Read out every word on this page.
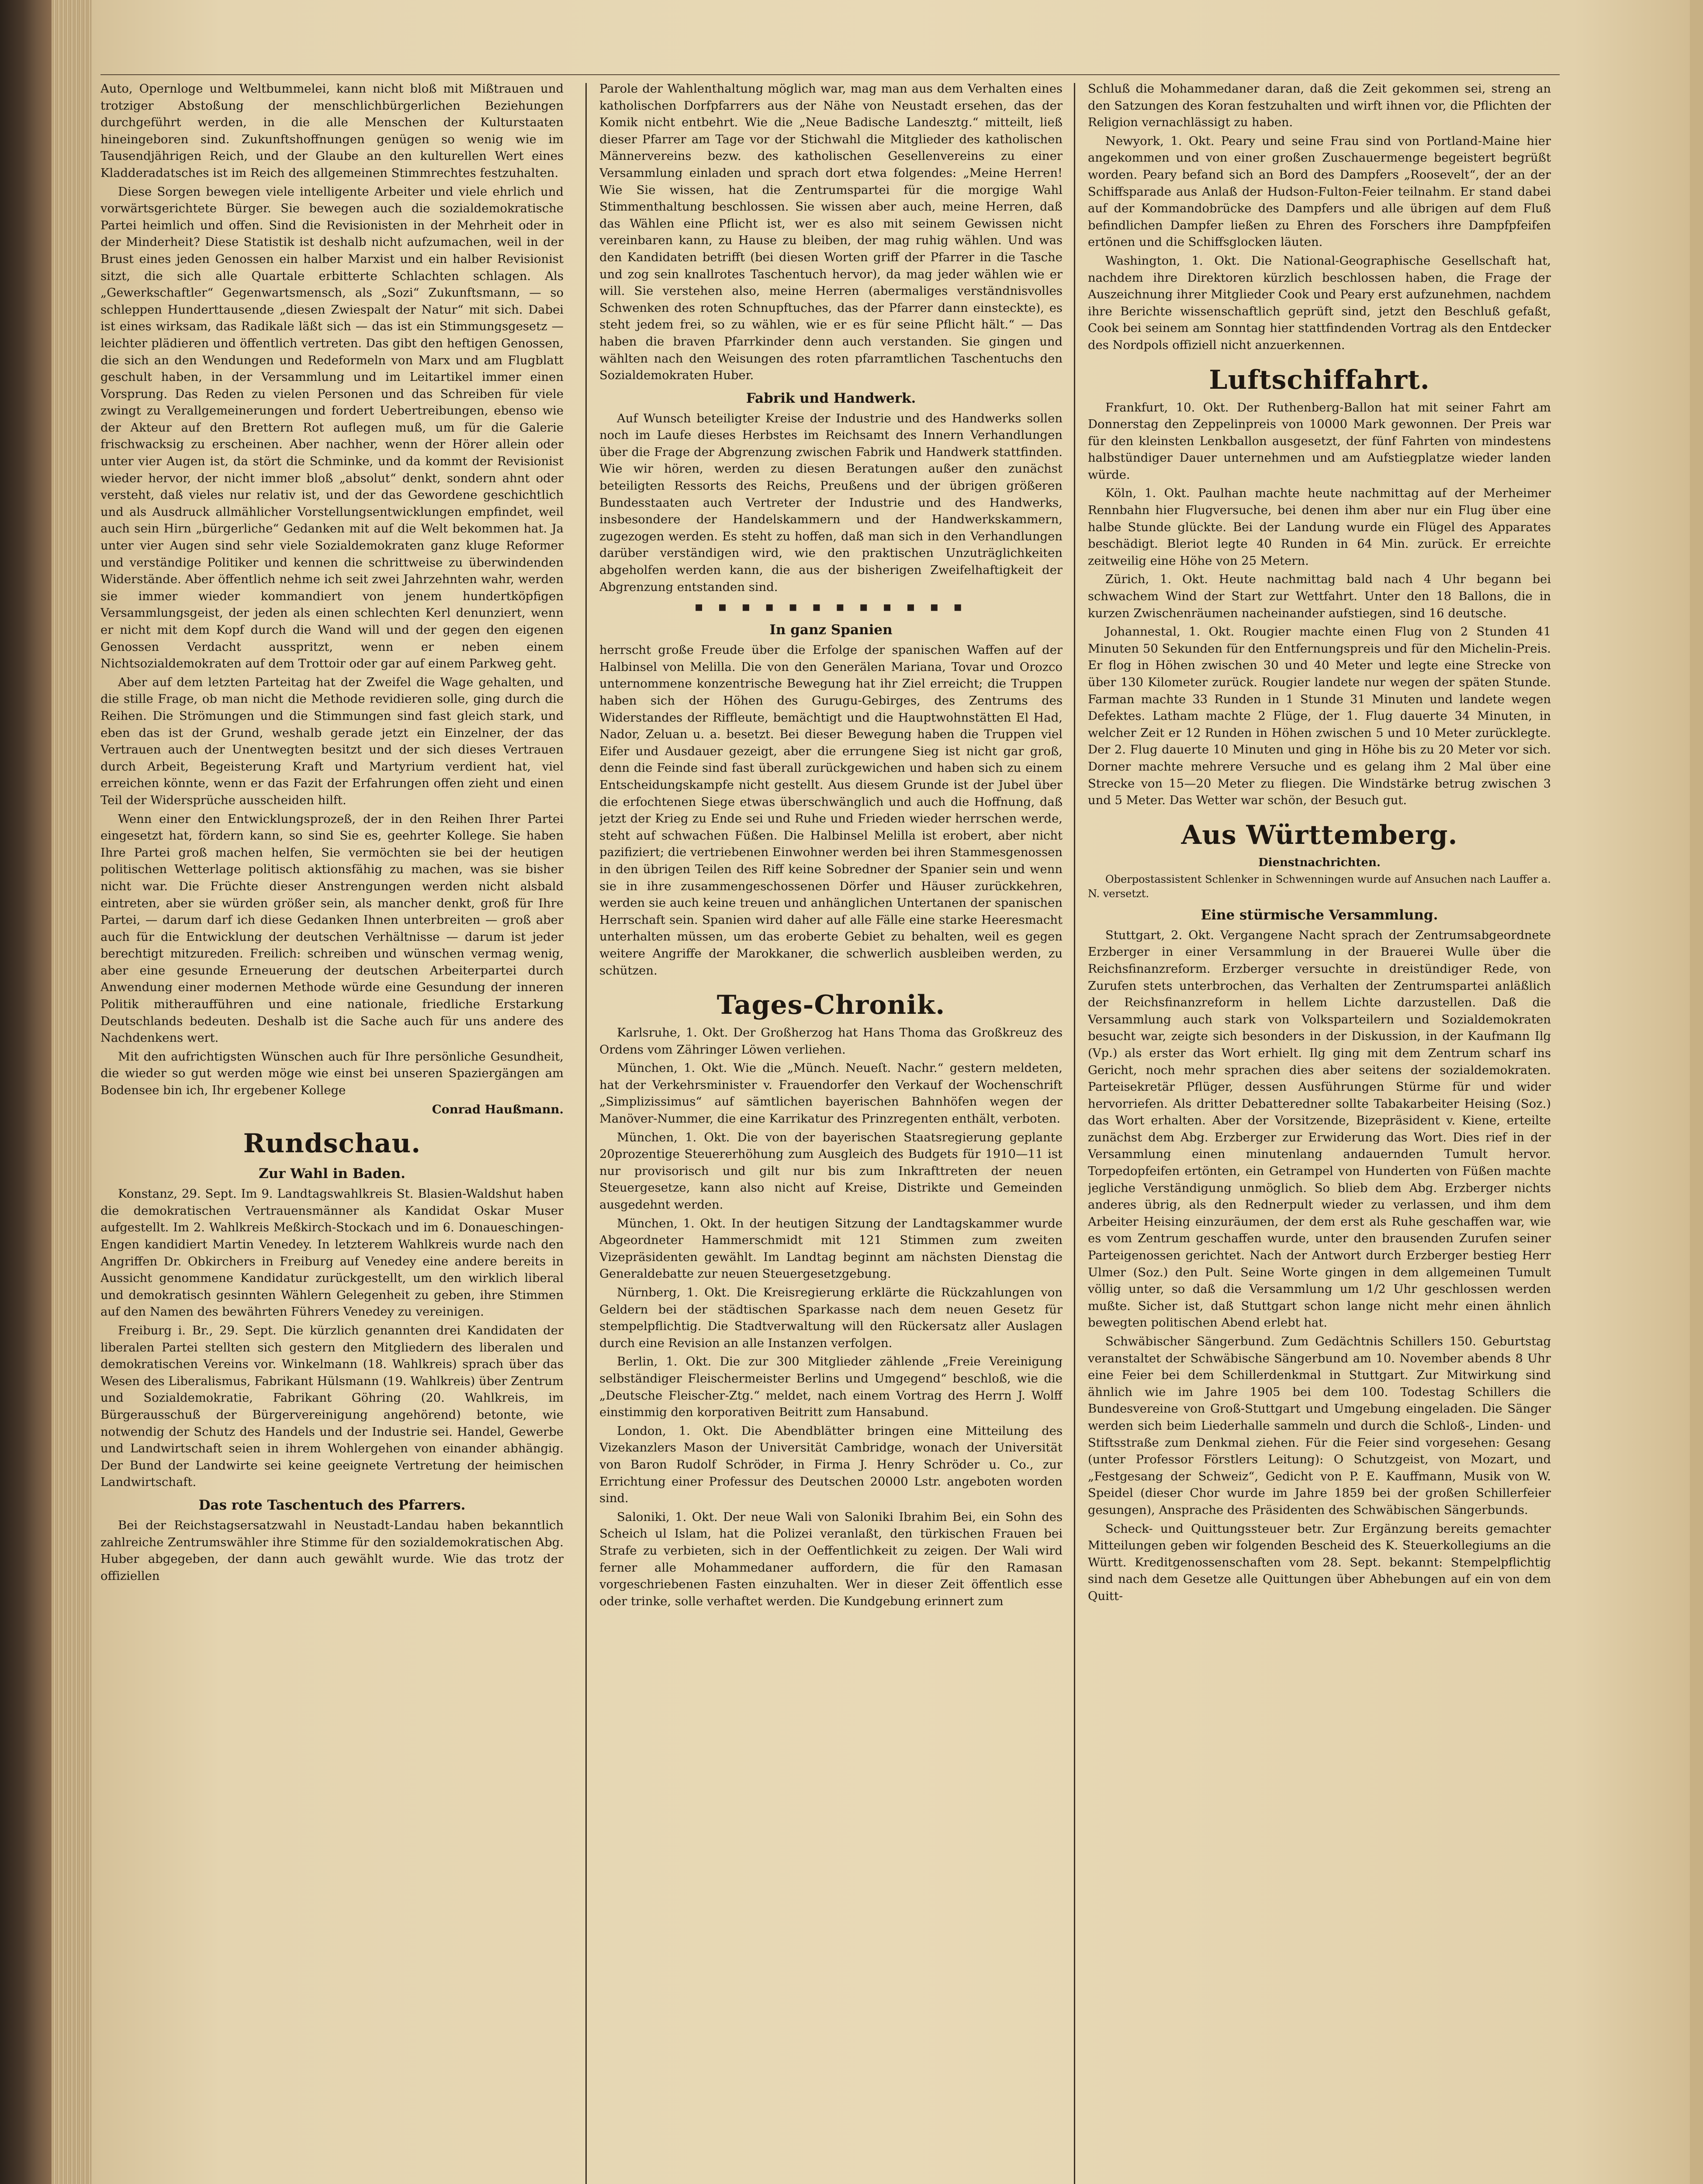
Auto, Opernloge und Weltbummelei, kann nicht bloß mit Mißtrauen und trotziger Abstoßung der menschlichbürgerlichen Beziehungen durchgeführt werden, in die alle Menschen der Kulturstaaten hineingeboren sind. Zukunftshoffnungen genügen so wenig wie im Tausendjährigen Reich, und der Glaube an den kulturellen Wert eines Kladderadatsches ist im Reich des allgemeinen Stimmrechtes festzuhalten.

Diese Sorgen bewegen viele intelligente Arbeiter und viele ehrlich und vorwärtsgerichtete Bürger. Sie bewegen auch die sozialdemokratische Partei heimlich und offen. Sind die Revisionisten in der Mehrheit oder in der Minderheit? Diese Statistik ist deshalb nicht aufzumachen, weil in der Brust eines jeden Genossen ein halber Marxist und ein halber Revisionist sitzt, die sich alle Quartale erbitterte Schlachten schlagen. Als „Gewerkschaftler“ Gegenwartsmensch, als „Sozi“ Zukunftsmann, — so schleppen Hunderttausende „diesen Zwiespalt der Natur“ mit sich. Dabei ist eines wirksam, das Radikale läßt sich — das ist ein Stimmungsgesetz — leichter plädieren und öffentlich vertreten. Das gibt den heftigen Genossen, die sich an den Wendungen und Redeformeln von Marx und am Flugblatt geschult haben, in der Versammlung und im Leitartikel immer einen Vorsprung. Das Reden zu vielen Personen und das Schreiben für viele zwingt zu Verallgemeinerungen und fordert Uebertreibungen, ebenso wie der Akteur auf den Brettern Rot auflegen muß, um für die Galerie frischwacksig zu erscheinen. Aber nachher, wenn der Hörer allein oder unter vier Augen ist, da stört die Schminke, und da kommt der Revisionist wieder hervor, der nicht immer bloß „absolut“ denkt, sondern ahnt oder versteht, daß vieles nur relativ ist, und der das Gewordene geschichtlich und als Ausdruck allmählicher Vorstellungsentwicklungen empfindet, weil auch sein Hirn „bürgerliche“ Gedanken mit auf die Welt bekommen hat. Ja unter vier Augen sind sehr viele Sozialdemokraten ganz kluge Reformer und verständige Politiker und kennen die schrittweise zu überwindenden Widerstände. Aber öffentlich nehme ich seit zwei Jahrzehnten wahr, werden sie immer wieder kommandiert von jenem hundertköpfigen Versammlungsgeist, der jeden als einen schlechten Kerl denunziert, wenn er nicht mit dem Kopf durch die Wand will und der gegen den eigenen Genossen Verdacht ausspritzt, wenn er neben einem Nichtsozialdemokraten auf dem Trottoir oder gar auf einem Parkweg geht.

Aber auf dem letzten Parteitag hat der Zweifel die Wage gehalten, und die stille Frage, ob man nicht die Methode revidieren solle, ging durch die Reihen. Die Strömungen und die Stimmungen sind fast gleich stark, und eben das ist der Grund, weshalb gerade jetzt ein Einzelner, der das Vertrauen auch der Unentwegten besitzt und der sich dieses Vertrauen durch Arbeit, Begeisterung Kraft und Martyrium verdient hat, viel erreichen könnte, wenn er das Fazit der Erfahrungen offen zieht und einen Teil der Widersprüche ausscheiden hilft.

Wenn einer den Entwicklungsprozeß, der in den Reihen Ihrer Partei eingesetzt hat, fördern kann, so sind Sie es, geehrter Kollege. Sie haben Ihre Partei groß machen helfen, Sie vermöchten sie bei der heutigen politischen Wetterlage politisch aktionsfähig zu machen, was sie bisher nicht war. Die Früchte dieser Anstrengungen werden nicht alsbald eintreten, aber sie würden größer sein, als mancher denkt, groß für Ihre Partei, — darum darf ich diese Gedanken Ihnen unterbreiten — groß aber auch für die Entwicklung der deutschen Verhältnisse — darum ist jeder berechtigt mitzureden. Freilich: schreiben und wünschen vermag wenig, aber eine gesunde Erneuerung der deutschen Arbeiterpartei durch Anwendung einer modernen Methode würde eine Gesundung der inneren Politik mitheraufführen und eine nationale, friedliche Erstarkung Deutschlands bedeuten. Deshalb ist die Sache auch für uns andere des Nachdenkens wert.

Mit den aufrichtigsten Wünschen auch für Ihre persönliche Gesundheit, die wieder so gut werden möge wie einst bei unseren Spaziergängen am Bodensee bin ich, Ihr ergebener Kollege

Conrad Haußmann.
Rundschau.
Zur Wahl in Baden.

Konstanz, 29. Sept. Im 9. Landtagswahlkreis St. Blasien-Waldshut haben die demokratischen Vertrauensmänner als Kandidat Oskar Muser aufgestellt. Im 2. Wahlkreis Meßkirch-Stockach und im 6. Donaueschingen-Engen kandidiert Martin Venedey. In letzterem Wahlkreis wurde nach den Angriffen Dr. Obkirchers in Freiburg auf Venedey eine andere bereits in Aussicht genommene Kandidatur zurückgestellt, um den wirklich liberal und demokratisch gesinnten Wählern Gelegenheit zu geben, ihre Stimmen auf den Namen des bewährten Führers Venedey zu vereinigen.

Freiburg i. Br., 29. Sept. Die kürzlich genannten drei Kandidaten der liberalen Partei stellten sich gestern den Mitgliedern des liberalen und demokratischen Vereins vor. Winkelmann (18. Wahlkreis) sprach über das Wesen des Liberalismus, Fabrikant Hülsmann (19. Wahlkreis) über Zentrum und Sozialdemokratie, Fabrikant Göhring (20. Wahlkreis, im Bürgerausschuß der Bürgervereinigung angehörend) betonte, wie notwendig der Schutz des Handels und der Industrie sei. Handel, Gewerbe und Landwirtschaft seien in ihrem Wohlergehen von einander abhängig. Der Bund der Landwirte sei keine geeignete Vertretung der heimischen Landwirtschaft.

Das rote Taschentuch des Pfarrers.

Bei der Reichstagsersatzwahl in Neustadt-Landau haben bekanntlich zahlreiche Zentrumswähler ihre Stimme für den sozialdemokratischen Abg. Huber abgegeben, der dann auch gewählt wurde. Wie das trotz der offiziellen

Parole der Wahlenthaltung möglich war, mag man aus dem Verhalten eines katholischen Dorfpfarrers aus der Nähe von Neustadt ersehen, das der Komik nicht entbehrt. Wie die „Neue Badische Landesztg.“ mitteilt, ließ dieser Pfarrer am Tage vor der Stichwahl die Mitglieder des katholischen Männervereins bezw. des katholischen Gesellenvereins zu einer Versammlung einladen und sprach dort etwa folgendes: „Meine Herren! Wie Sie wissen, hat die Zentrumspartei für die morgige Wahl Stimmenthaltung beschlossen. Sie wissen aber auch, meine Herren, daß das Wählen eine Pflicht ist, wer es also mit seinem Gewissen nicht vereinbaren kann, zu Hause zu bleiben, der mag ruhig wählen. Und was den Kandidaten betrifft (bei diesen Worten griff der Pfarrer in die Tasche und zog sein knallrotes Taschentuch hervor), da mag jeder wählen wie er will. Sie verstehen also, meine Herren (abermaliges verständnisvolles Schwenken des roten Schnupftuches, das der Pfarrer dann einsteckte), es steht jedem frei, so zu wählen, wie er es für seine Pflicht hält.“ — Das haben die braven Pfarrkinder denn auch verstanden. Sie gingen und wählten nach den Weisungen des roten pfarramtlichen Taschentuchs den Sozialdemokraten Huber.

Fabrik und Handwerk.

Auf Wunsch beteiligter Kreise der Industrie und des Handwerks sollen noch im Laufe dieses Herbstes im Reichsamt des Innern Verhandlungen über die Frage der Abgrenzung zwischen Fabrik und Handwerk stattfinden. Wie wir hören, werden zu diesen Beratungen außer den zunächst beteiligten Ressorts des Reichs, Preußens und der übrigen größeren Bundesstaaten auch Vertreter der Industrie und des Handwerks, insbesondere der Handelskammern und der Handwerkskammern, zugezogen werden. Es steht zu hoffen, daß man sich in den Verhandlungen darüber verständigen wird, wie den praktischen Unzuträglichkeiten abgeholfen werden kann, die aus der bisherigen Zweifelhaftigkeit der Abgrenzung entstanden sind.

▪ ▪ ▪ ▪ ▪ ▪ ▪ ▪ ▪ ▪ ▪ ▪
In ganz Spanien

herrscht große Freude über die Erfolge der spanischen Waffen auf der Halbinsel von Melilla. Die von den Generälen Mariana, Tovar und Orozco unternommene konzentrische Bewegung hat ihr Ziel erreicht; die Truppen haben sich der Höhen des Gurugu-Gebirges, des Zentrums des Widerstandes der Riffleute, bemächtigt und die Hauptwohnstätten El Had, Nador, Zeluan u. a. besetzt. Bei dieser Bewegung haben die Truppen viel Eifer und Ausdauer gezeigt, aber die errungene Sieg ist nicht gar groß, denn die Feinde sind fast überall zurückgewichen und haben sich zu einem Entscheidungskampfe nicht gestellt. Aus diesem Grunde ist der Jubel über die erfochtenen Siege etwas überschwänglich und auch die Hoffnung, daß jetzt der Krieg zu Ende sei und Ruhe und Frieden wieder herrschen werde, steht auf schwachen Füßen. Die Halbinsel Melilla ist erobert, aber nicht pazifiziert; die vertriebenen Einwohner werden bei ihren Stammesgenossen in den übrigen Teilen des Riff keine Sobredner der Spanier sein und wenn sie in ihre zusammengeschossenen Dörfer und Häuser zurückkehren, werden sie auch keine treuen und anhänglichen Untertanen der spanischen Herrschaft sein. Spanien wird daher auf alle Fälle eine starke Heeresmacht unterhalten müssen, um das eroberte Gebiet zu behalten, weil es gegen weitere Angriffe der Marokkaner, die schwerlich ausbleiben werden, zu schützen.

Tages-Chronik.

Karlsruhe, 1. Okt. Der Großherzog hat Hans Thoma das Großkreuz des Ordens vom Zähringer Löwen verliehen.

München, 1. Okt. Wie die „Münch. Neueſt. Nachr.“ gestern meldeten, hat der Verkehrsminister v. Frauendorfer den Verkauf der Wochenschrift „Simplizissimus“ auf sämtlichen bayerischen Bahnhöfen wegen der Manöver-Nummer, die eine Karrikatur des Prinzregenten enthält, verboten.

München, 1. Okt. Die von der bayerischen Staatsregierung geplante 20prozentige Steuererhöhung zum Ausgleich des Budgets für 1910—11 ist nur provisorisch und gilt nur bis zum Inkrafttreten der neuen Steuergesetze, kann also nicht auf Kreise, Distrikte und Gemeinden ausgedehnt werden.

München, 1. Okt. In der heutigen Sitzung der Landtagskammer wurde Abgeordneter Hammerschmidt mit 121 Stimmen zum zweiten Vizepräsidenten gewählt. Im Landtag beginnt am nächsten Dienstag die Generaldebatte zur neuen Steuergesetzgebung.

Nürnberg, 1. Okt. Die Kreisregierung erklärte die Rückzahlungen von Geldern bei der städtischen Sparkasse nach dem neuen Gesetz für stempelpflichtig. Die Stadtverwaltung will den Rückersatz aller Auslagen durch eine Revision an alle Instanzen verfolgen.

Berlin, 1. Okt. Die zur 300 Mitglieder zählende „Freie Vereinigung selbständiger Fleischermeister Berlins und Umgegend“ beschloß, wie die „Deutsche Fleischer-Ztg.“ meldet, nach einem Vortrag des Herrn J. Wolff einstimmig den korporativen Beitritt zum Hansabund.

London, 1. Okt. Die Abendblätter bringen eine Mitteilung des Vizekanzlers Mason der Universität Cambridge, wonach der Universität von Baron Rudolf Schröder, in Firma J. Henry Schröder u. Co., zur Errichtung einer Professur des Deutschen 20000 Lstr. angeboten worden sind.

Saloniki, 1. Okt. Der neue Wali von Saloniki Ibrahim Bei, ein Sohn des Scheich ul Islam, hat die Polizei veranlaßt, den türkischen Frauen bei Strafe zu verbieten, sich in der Oeffentlichkeit zu zeigen. Der Wali wird ferner alle Mohammedaner auffordern, die für den Ramasan vorgeschriebenen Fasten einzuhalten. Wer in dieser Zeit öffentlich esse oder trinke, solle verhaftet werden. Die Kundgebung erinnert zum

Schluß die Mohammedaner daran, daß die Zeit gekommen sei, streng an den Satzungen des Koran festzuhalten und wirft ihnen vor, die Pflichten der Religion vernachlässigt zu haben.

Newyork, 1. Okt. Peary und seine Frau sind von Portland-Maine hier angekommen und von einer großen Zuschauermenge begeistert begrüßt worden. Peary befand sich an Bord des Dampfers „Roosevelt“, der an der Schiffsparade aus Anlaß der Hudson-Fulton-Feier teilnahm. Er stand dabei auf der Kommandobrücke des Dampfers und alle übrigen auf dem Fluß befindlichen Dampfer ließen zu Ehren des Forschers ihre Dampfpfeifen ertönen und die Schiffsglocken läuten.

Washington, 1. Okt. Die National-Geographische Gesellschaft hat, nachdem ihre Direktoren kürzlich beschlossen haben, die Frage der Auszeichnung ihrer Mitglieder Cook und Peary erst aufzunehmen, nachdem ihre Berichte wissenschaftlich geprüft sind, jetzt den Beschluß gefaßt, Cook bei seinem am Sonntag hier stattfindenden Vortrag als den Entdecker des Nordpols offiziell nicht anzuerkennen.

Luftschiffahrt.

Frankfurt, 10. Okt. Der Ruthenberg-Ballon hat mit seiner Fahrt am Donnerstag den Zeppelinpreis von 10000 Mark gewonnen. Der Preis war für den kleinsten Lenkballon ausgesetzt, der fünf Fahrten von mindestens halbstündiger Dauer unternehmen und am Aufstiegplatze wieder landen würde.

Köln, 1. Okt. Paulhan machte heute nachmittag auf der Merheimer Rennbahn hier Flugversuche, bei denen ihm aber nur ein Flug über eine halbe Stunde glückte. Bei der Landung wurde ein Flügel des Apparates beschädigt. Bleriot legte 40 Runden in 64 Min. zurück. Er erreichte zeitweilig eine Höhe von 25 Metern.

Zürich, 1. Okt. Heute nachmittag bald nach 4 Uhr begann bei schwachem Wind der Start zur Wettfahrt. Unter den 18 Ballons, die in kurzen Zwischenräumen nacheinander aufstiegen, sind 16 deutsche.

Johannestal, 1. Okt. Rougier machte einen Flug von 2 Stunden 41 Minuten 50 Sekunden für den Entfernungspreis und für den Michelin-Preis. Er flog in Höhen zwischen 30 und 40 Meter und legte eine Strecke von über 130 Kilometer zurück. Rougier landete nur wegen der späten Stunde. Farman machte 33 Runden in 1 Stunde 31 Minuten und landete wegen Defektes. Latham machte 2 Flüge, der 1. Flug dauerte 34 Minuten, in welcher Zeit er 12 Runden in Höhen zwischen 5 und 10 Meter zurücklegte. Der 2. Flug dauerte 10 Minuten und ging in Höhe bis zu 20 Meter vor sich. Dorner machte mehrere Versuche und es gelang ihm 2 Mal über eine Strecke von 15—20 Meter zu fliegen. Die Windstärke betrug zwischen 3 und 5 Meter. Das Wetter war schön, der Besuch gut.

Aus Württemberg.
Dienstnachrichten.

Oberpostassistent Schlenker in Schwenningen wurde auf Ansuchen nach Lauffer a. N. versetzt.

Eine stürmische Versammlung.

Stuttgart, 2. Okt. Vergangene Nacht sprach der Zentrumsabgeordnete Erzberger in einer Versammlung in der Brauerei Wulle über die Reichsfinanzreform. Erzberger versuchte in dreistündiger Rede, von Zurufen stets unterbrochen, das Verhalten der Zentrumspartei anläßlich der Reichsfinanzreform in hellem Lichte darzustellen. Daß die Versammlung auch stark von Volksparteilern und Sozialdemokraten besucht war, zeigte sich besonders in der Diskussion, in der Kaufmann Ilg (Vp.) als erster das Wort erhielt. Ilg ging mit dem Zentrum scharf ins Gericht, noch mehr sprachen dies aber seitens der sozialdemokraten. Parteisekretär Pflüger, dessen Ausführungen Stürme für und wider hervorriefen. Als dritter Debatteredner sollte Tabakarbeiter Heising (Soz.) das Wort erhalten. Aber der Vorsitzende, Bizepräsident v. Kiene, erteilte zunächst dem Abg. Erzberger zur Erwiderung das Wort. Dies rief in der Versammlung einen minutenlang andauernden Tumult hervor. Torpedopfeifen ertönten, ein Getrampel von Hunderten von Füßen machte jegliche Verständigung unmöglich. So blieb dem Abg. Erzberger nichts anderes übrig, als den Rednerpult wieder zu verlassen, und ihm dem Arbeiter Heising einzuräumen, der dem erst als Ruhe geschaffen war, wie es vom Zentrum geschaffen wurde, unter den brausenden Zurufen seiner Parteigenossen gerichtet. Nach der Antwort durch Erzberger bestieg Herr Ulmer (Soz.) den Pult. Seine Worte gingen in dem allgemeinen Tumult völlig unter, so daß die Versammlung um 1/2 Uhr geschlossen werden mußte. Sicher ist, daß Stuttgart schon lange nicht mehr einen ähnlich bewegten politischen Abend erlebt hat.

Schwäbischer Sängerbund. Zum Gedächtnis Schillers 150. Geburtstag veranstaltet der Schwäbische Sängerbund am 10. November abends 8 Uhr eine Feier bei dem Schillerdenkmal in Stuttgart. Zur Mitwirkung sind ähnlich wie im Jahre 1905 bei dem 100. Todestag Schillers die Bundesvereine von Groß-Stuttgart und Umgebung eingeladen. Die Sänger werden sich beim Liederhalle sammeln und durch die Schloß-, Linden- und Stiftsstraße zum Denkmal ziehen. Für die Feier sind vorgesehen: Gesang (unter Professor Förstlers Leitung): O Schutzgeist, von Mozart, und „Festgesang der Schweiz“, Gedicht von P. E. Kauffmann, Musik von W. Speidel (dieser Chor wurde im Jahre 1859 bei der großen Schillerfeier gesungen), Ansprache des Präsidenten des Schwäbischen Sängerbunds.

Scheck- und Quittungssteuer betr. Zur Ergänzung bereits gemachter Mitteilungen geben wir folgenden Bescheid des K. Steuerkollegiums an die Württ. Kreditgenossenschaften vom 28. Sept. bekannt: Stempelpflichtig sind nach dem Gesetze alle Quittungen über Abhebungen auf ein von dem Quitt-
